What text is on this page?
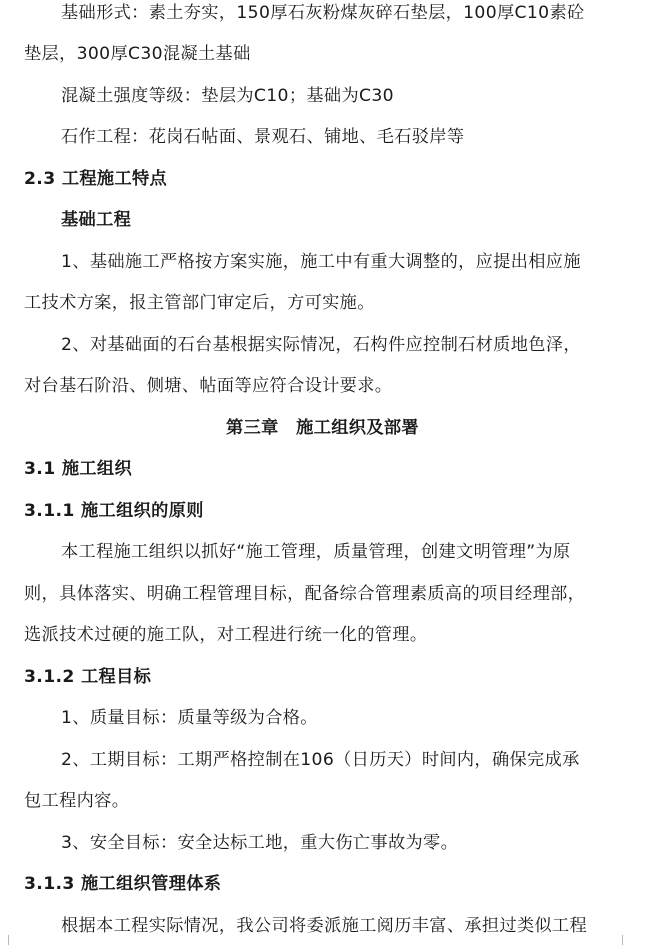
基础形式：素土夯实，150厚石灰粉煤灰碎石垫层，100厚C10素砼
垫层，300厚C30混凝土基础
混凝土强度等级：垫层为C10；基础为C30
石作工程：花岗石帖面、景观石、铺地、毛石驳岸等
2.3 工程施工特点
基础工程
1、基础施工严格按方案实施，施工中有重大调整的，应提出相应施
工技术方案，报主管部门审定后，方可实施。
2、对基础面的石台基根据实际情况，石构件应控制石材质地色泽，
对台基石阶沿、侧塘、帖面等应符合设计要求。
第三章　施工组织及部署
3.1 施工组织
3.1.1 施工组织的原则
本工程施工组织以抓好“施工管理，质量管理，创建文明管理”为原
则，具体落实、明确工程管理目标，配备综合管理素质高的项目经理部，
选派技术过硬的施工队，对工程进行统一化的管理。
3.1.2 工程目标
1、质量目标：质量等级为合格。
2、工期目标：工期严格控制在106（日历天）时间内，确保完成承
包工程内容。
3、安全目标：安全达标工地，重大伤亡事故为零。
3.1.3 施工组织管理体系
根据本工程实际情况，我公司将委派施工阅历丰富、承担过类似工程
